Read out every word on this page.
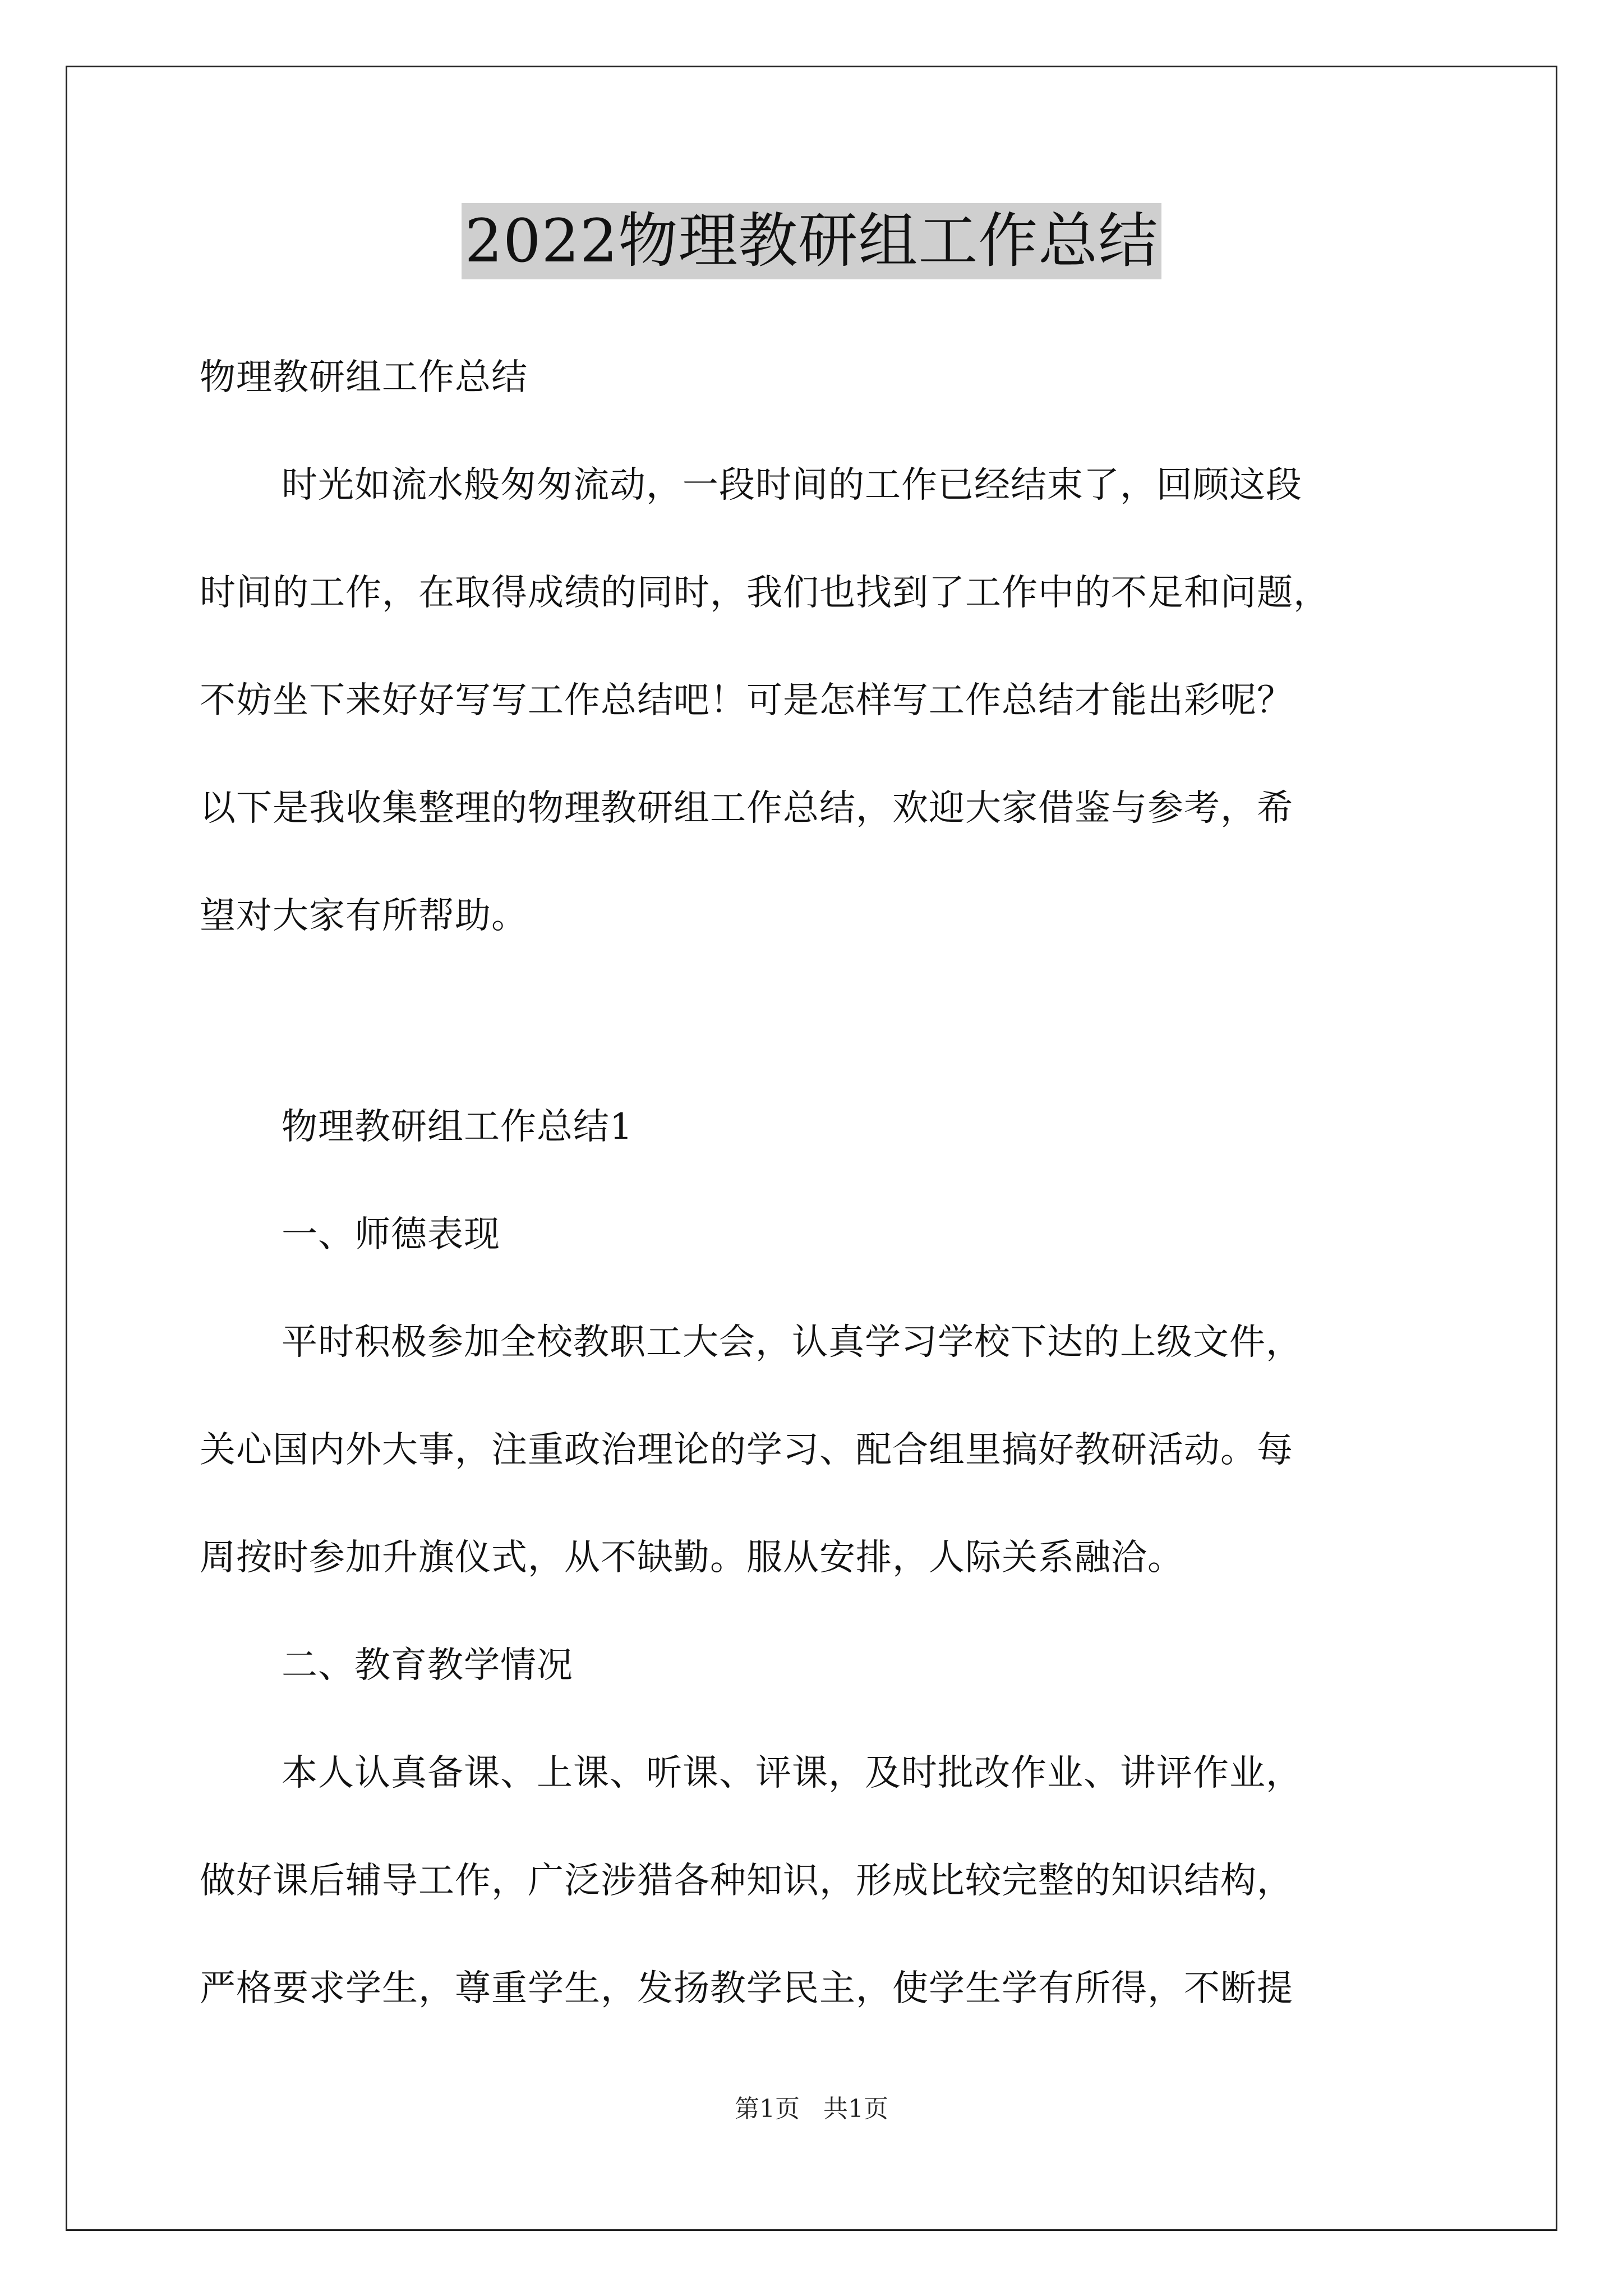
2022物理教研组工作总结
物理教研组工作总结
时光如流水般匆匆流动，一段时间的工作已经结束了，回顾这段
时间的工作，在取得成绩的同时，我们也找到了工作中的不足和问题，
不妨坐下来好好写写工作总结吧！可是怎样写工作总结才能出彩呢？
以下是我收集整理的物理教研组工作总结，欢迎大家借鉴与参考，希
望对大家有所帮助。
物理教研组工作总结1
一、师德表现
平时积极参加全校教职工大会，认真学习学校下达的上级文件，
关心国内外大事，注重政治理论的学习、配合组里搞好教研活动。每
周按时参加升旗仪式，从不缺勤。服从安排，人际关系融洽。
二、教育教学情况
本人认真备课、上课、听课、评课，及时批改作业、讲评作业，
做好课后辅导工作，广泛涉猎各种知识，形成比较完整的知识结构，
严格要求学生，尊重学生，发扬教学民主，使学生学有所得，不断提
第1页   共1页
